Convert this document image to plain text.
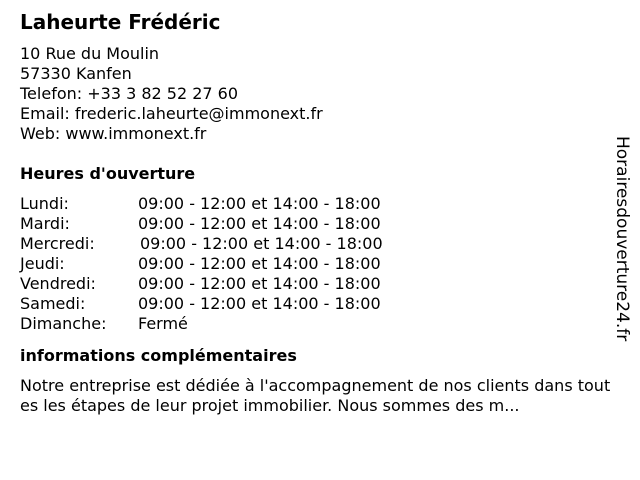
Laheurte Frédéric
10 Rue du Moulin
57330 Kanfen
Telefon: +33 3 82 52 27 60
Email: frederic.laheurte@immonext.fr
Web: www.immonext.fr
Heures d'ouverture
Lundi:	09:00 - 12:00 et 14:00 - 18:00
Mardi:	09:00 - 12:00 et 14:00 - 18:00
Mercredi:	09:00 - 12:00 et 14:00 - 18:00
Jeudi:	09:00 - 12:00 et 14:00 - 18:00
Vendredi:	09:00 - 12:00 et 14:00 - 18:00
Samedi:	09:00 - 12:00 et 14:00 - 18:00
Dimanche: Fermé
informations complémentaires
Notre entreprise est dédiée à l'accompagnement de nos clients dans toutes les étapes de leur projet immobilier. Nous sommes des m...
Horairesdouverture24.fr
